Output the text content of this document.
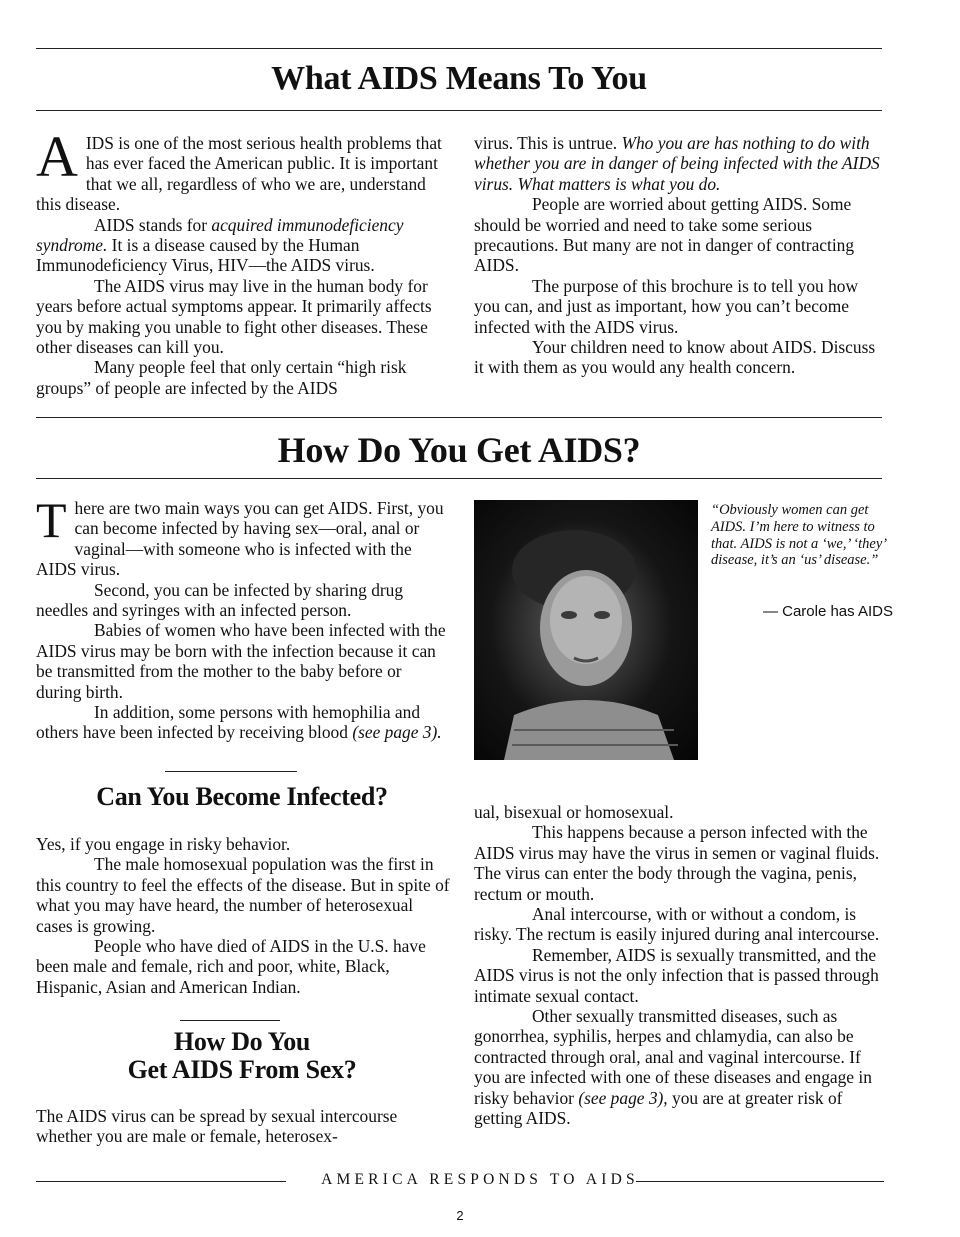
What AIDS Means To You
A IDS is one of the most serious health problems that has ever faced the American public. It is important that we all, regardless of who we are, understand this disease.

AIDS stands for acquired immunodeficiency syndrome. It is a disease caused by the Human Immunodeficiency Virus, HIV—the AIDS virus.

The AIDS virus may live in the human body for years before actual symptoms appear. It primarily affects you by making you unable to fight other diseases. These other diseases can kill you.

Many people feel that only certain “high risk groups” of people are infected by the AIDS

virus. This is untrue. Who you are has nothing to do with whether you are in danger of being infected with the AIDS virus. What matters is what you do.

People are worried about getting AIDS. Some should be worried and need to take some serious precautions. But many are not in danger of contracting AIDS.

The purpose of this brochure is to tell you how you can, and just as important, how you can’t become infected with the AIDS virus.

Your children need to know about AIDS. Discuss it with them as you would any health concern.

How Do You Get AIDS?
T here are two main ways you can get AIDS. First, you can become infected by having sex—oral, anal or vaginal—with someone who is infected with the AIDS virus.

Second, you can be infected by sharing drug needles and syringes with an infected person.

Babies of women who have been infected with the AIDS virus may be born with the infection because it can be transmitted from the mother to the baby before or during birth.

In addition, some persons with hemophilia and others have been infected by receiving blood (see page 3).

“Obviously women can get AIDS. I’m here to witness to that. AIDS is not a ‘we,’ ‘they’ disease, it’s an ‘us’ disease.”
— Carole has AIDS
Can You Become Infected?

Yes, if you engage in risky behavior.

The male homosexual population was the first in this country to feel the effects of the disease. But in spite of what you may have heard, the number of heterosexual cases is growing.

People who have died of AIDS in the U.S. have been male and female, rich and poor, white, Black, Hispanic, Asian and American Indian.

How Do You
Get AIDS From Sex?

The AIDS virus can be spread by sexual intercourse whether you are male or female, heterosex-

ual, bisexual or homosexual.

This happens because a person infected with the AIDS virus may have the virus in semen or vaginal fluids. The virus can enter the body through the vagina, penis, rectum or mouth.

Anal intercourse, with or without a condom, is risky. The rectum is easily injured during anal intercourse.

Remember, AIDS is sexually transmitted, and the AIDS virus is not the only infection that is passed through intimate sexual contact.

Other sexually transmitted diseases, such as gonorrhea, syphilis, herpes and chlamydia, can also be contracted through oral, anal and vaginal intercourse. If you are infected with one of these diseases and engage in risky behavior (see page 3), you are at greater risk of getting AIDS.

AMERICA RESPONDS TO AIDS
2
